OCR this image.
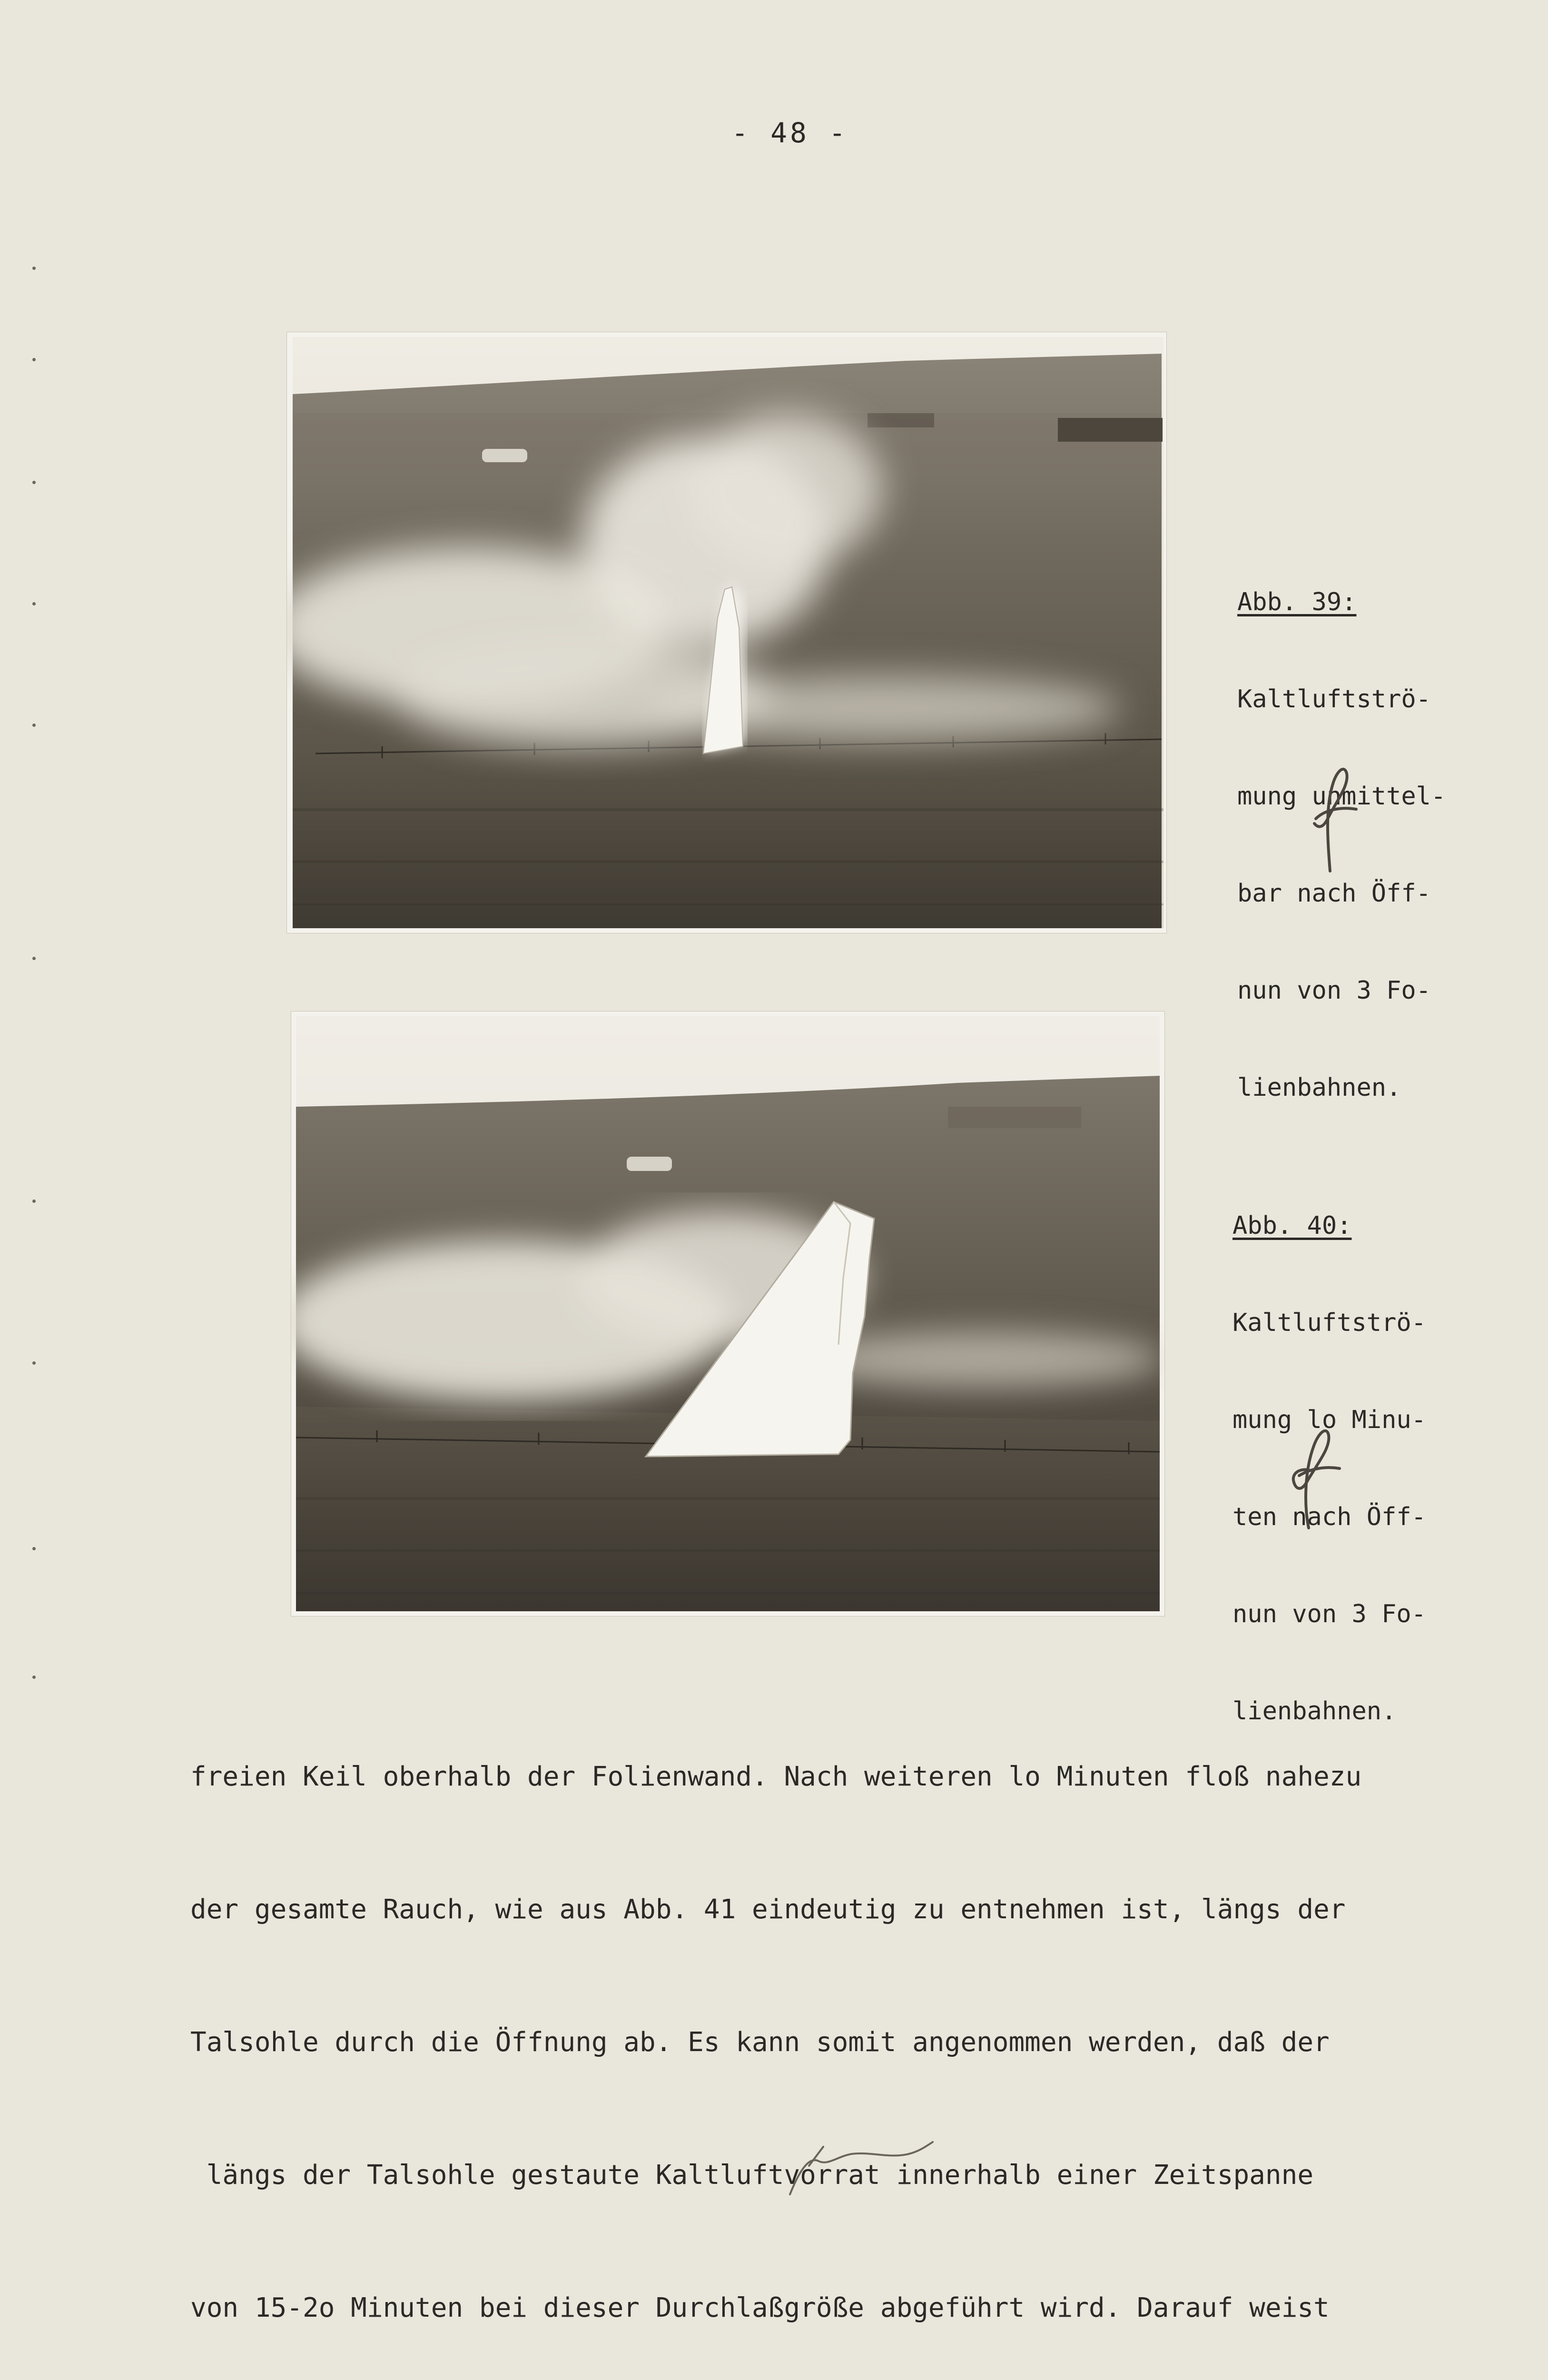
- 48 -

Abb. 39:

Kaltluftströ-

mung unmittel-

bar nach Öff-

nun von 3 Fo-

lienbahnen.

Abb. 40:

Kaltluftströ-

mung lo Minu-

ten nach Öff-

nun von 3 Fo-

lienbahnen.

freien Keil oberhalb der Folienwand. Nach weiteren lo Minuten floß nahezu

der gesamte Rauch, wie aus Abb. 41 eindeutig zu entnehmen ist, längs der

Talsohle durch die Öffnung ab. Es kann somit angenommen werden, daß der

längs der Talsohle gestaute Kaltluftvorrat innerhalb einer Zeitspanne

von 15-2o Minuten bei dieser Durchlaßgröße abgeführt wird. Darauf weist
